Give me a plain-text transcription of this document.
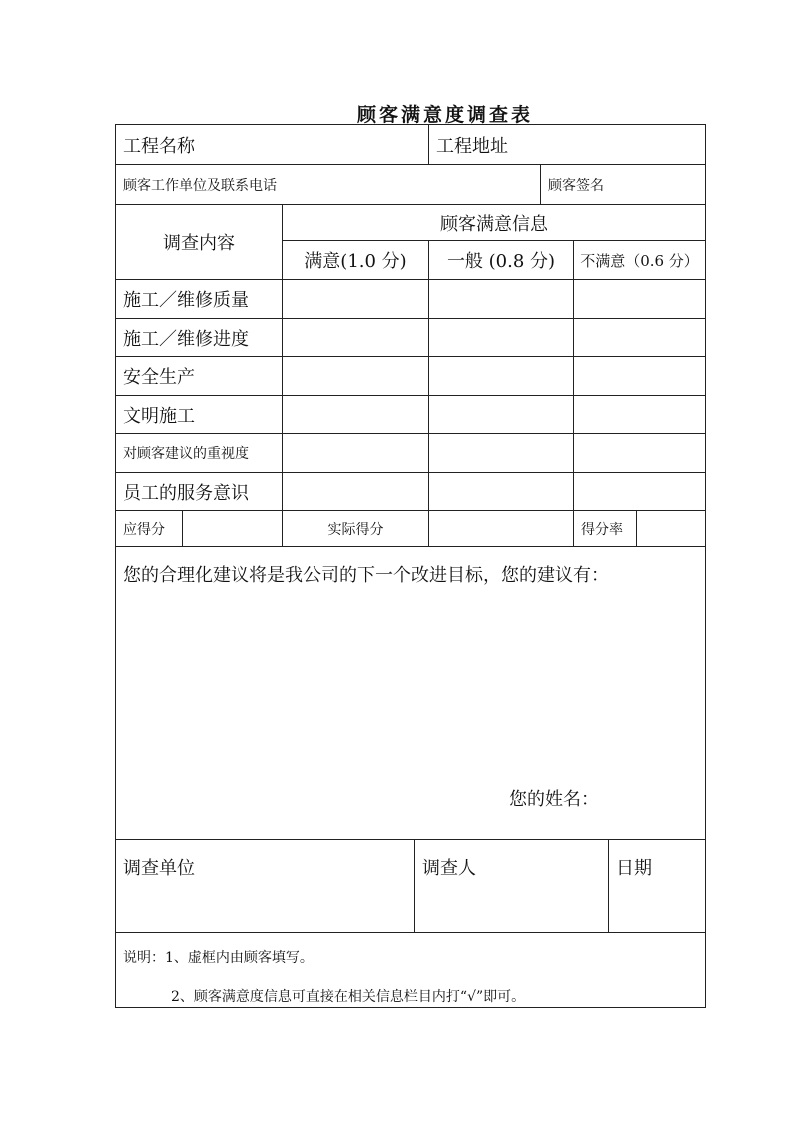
顾客满意度调查表
工程名称	工程地址
顾客工作单位及联系电话	顾客签名
调查内容
顾客满意信息
满意(1.0 分)	一般 (0.8 分)	不满意（0.6 分）
施工／维修质量
施工／维修进度
安全生产
文明施工
对顾客建议的重视度
员工的服务意识
应得分	实际得分	得分率
您的合理化建议将是我公司的下一个改进目标，您的建议有：
您的姓名：
调查单位	调查人	日期
说明：1、虚框内由顾客填写。
2、顾客满意度信息可直接在相关信息栏目内打“√”即可。
